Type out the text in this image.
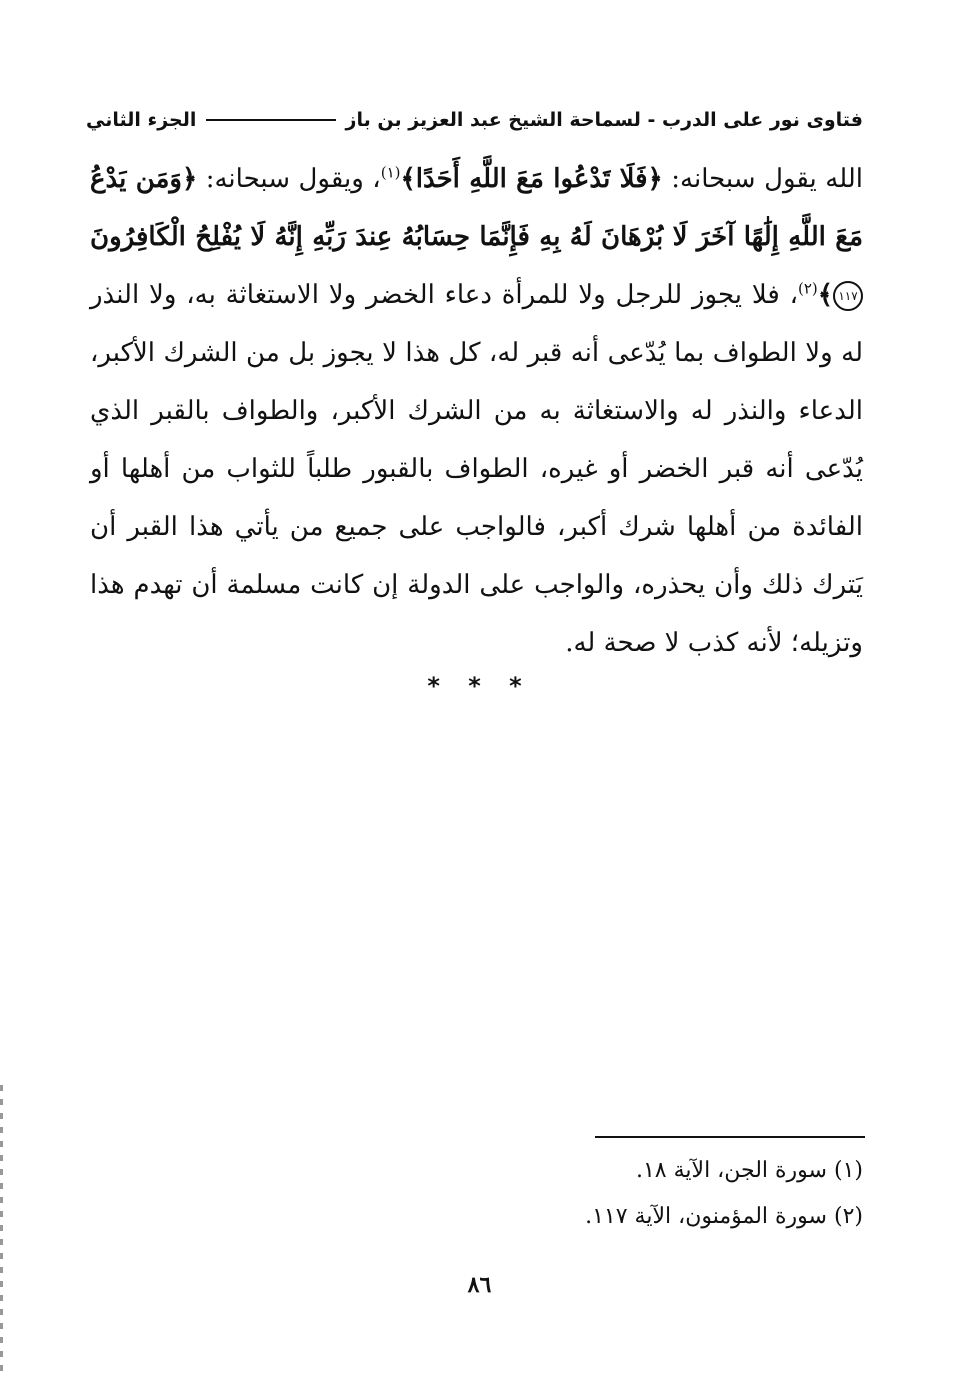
فتاوى نور على الدرب - لسماحة الشيخ عبد العزيز بن باز
الجزء الثاني

الله يقول سبحانه: ﴿فَلَا تَدْعُوا مَعَ اللَّهِ أَحَدًا﴾$^{(١)}$، ويقول سبحانه: ﴿وَمَن يَدْعُ مَعَ اللَّهِ إِلَٰهًا آخَرَ لَا بُرْهَانَ لَهُ بِهِ فَإِنَّمَا حِسَابُهُ عِندَ رَبِّهِ إِنَّهُ لَا يُفْلِحُ الْكَافِرُونَ ١١٧﴾$^{(٢)}$، فلا يجوز للرجل ولا للمرأة دعاء الخضر ولا الاستغاثة به، ولا النذر له ولا الطواف بما يُدّعى أنه قبر له، كل هذا لا يجوز بل من الشرك الأكبر، الدعاء والنذر له والاستغاثة به من الشرك الأكبر، والطواف بالقبر الذي يُدّعى أنه قبر الخضر أو غيره، الطواف بالقبور طلباً للثواب من أهلها أو الفائدة من أهلها شرك أكبر، فالواجب على جميع من يأتي هذا القبر أن يَترك ذلك وأن يحذره، والواجب على الدولة إن كانت مسلمة أن تهدم هذا وتزيله؛ لأنه كذب لا صحة له.

* * *
(١) سورة الجن، الآية ١٨.
(٢) سورة المؤمنون، الآية ١١٧.
٨٦
